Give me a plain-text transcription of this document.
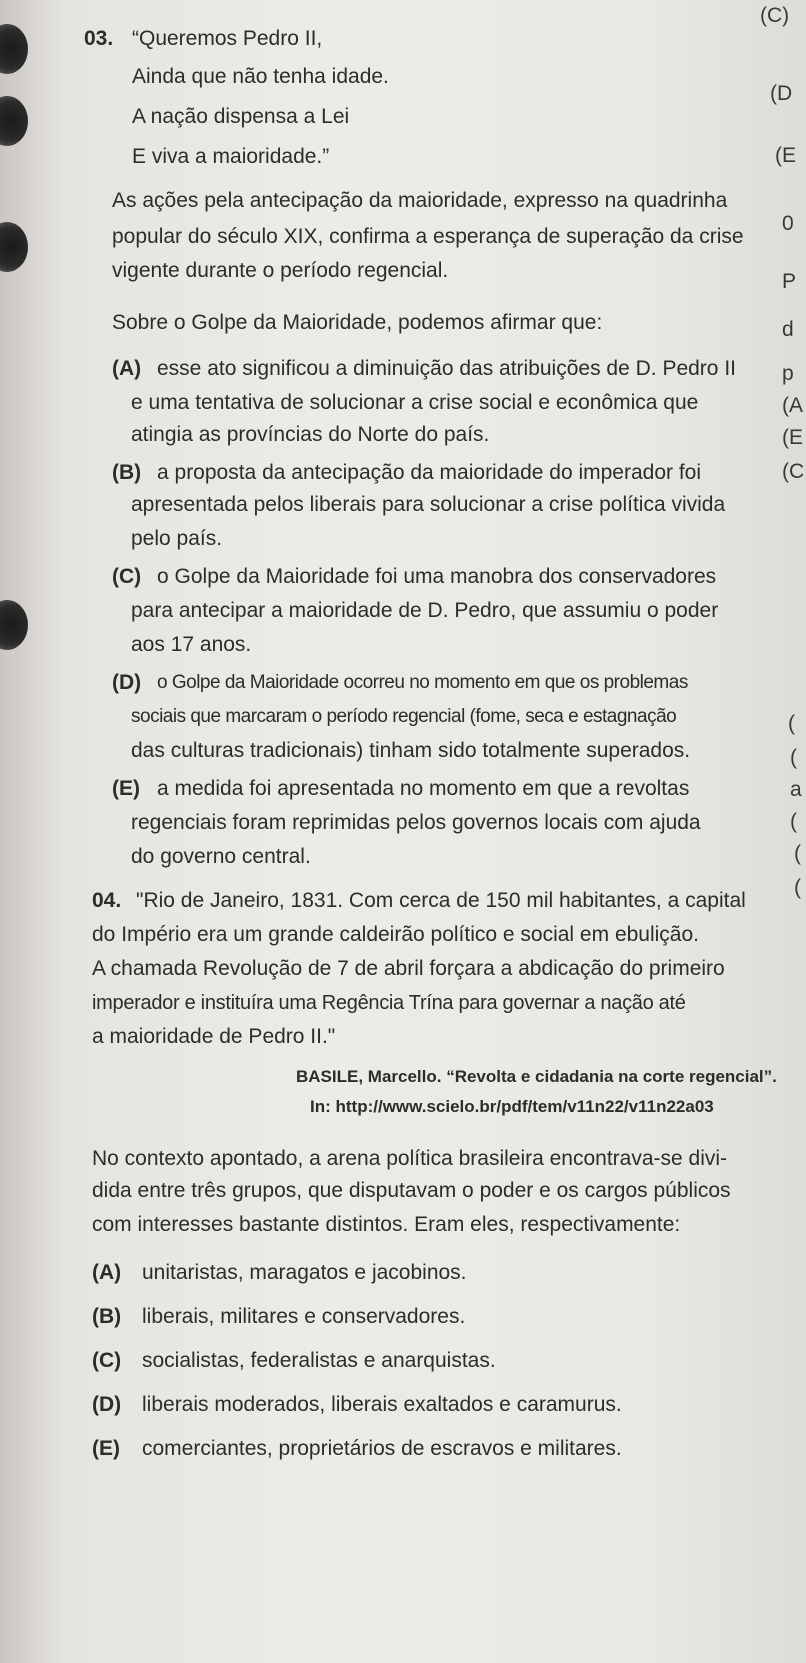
(C)
(D
(E
0
P
d
p
(A
(E
(C
(
(
a
(
(
(
03. “Queremos Pedro II,
Ainda que não tenha idade.
A nação dispensa a Lei
E viva a maioridade.”
As ações pela antecipação da maioridade, expresso na quadrinha
popular do século XIX, confirma a esperança de superação da crise
vigente durante o período regencial.
Sobre o Golpe da Maioridade, podemos afirmar que:
(A) esse ato significou a diminuição das atribuições de D. Pedro II
e uma tentativa de solucionar a crise social e econômica que
atingia as províncias do Norte do país.
(B) a proposta da antecipação da maioridade do imperador foi
apresentada pelos liberais para solucionar a crise política vivida
pelo país.
(C) o Golpe da Maioridade foi uma manobra dos conservadores
para antecipar a maioridade de D. Pedro, que assumiu o poder
aos 17 anos.
(D) o Golpe da Maioridade ocorreu no momento em que os problemas
sociais que marcaram o período regencial (fome, seca e estagnação
das culturas tradicionais) tinham sido totalmente superados.
(E) a medida foi apresentada no momento em que a revoltas
regenciais foram reprimidas pelos governos locais com ajuda
do governo central.
04. "Rio de Janeiro, 1831. Com cerca de 150 mil habitantes, a capital
do Império era um grande caldeirão político e social em ebulição.
A chamada Revolução de 7 de abril forçara a abdicação do primeiro
imperador e instituíra uma Regência Trína para governar a nação até
a maioridade de Pedro II."
BASILE, Marcello. “Revolta e cidadania na corte regencial”.
In: http://www.scielo.br/pdf/tem/v11n22/v11n22a03
No contexto apontado, a arena política brasileira encontrava-se divi-
dida entre três grupos, que disputavam o poder e os cargos públicos
com interesses bastante distintos. Eram eles, respectivamente:
(A) unitaristas, maragatos e jacobinos.
(B) liberais, militares e conservadores.
(C) socialistas, federalistas e anarquistas.
(D) liberais moderados, liberais exaltados e caramurus.
(E) comerciantes, proprietários de escravos e militares.
